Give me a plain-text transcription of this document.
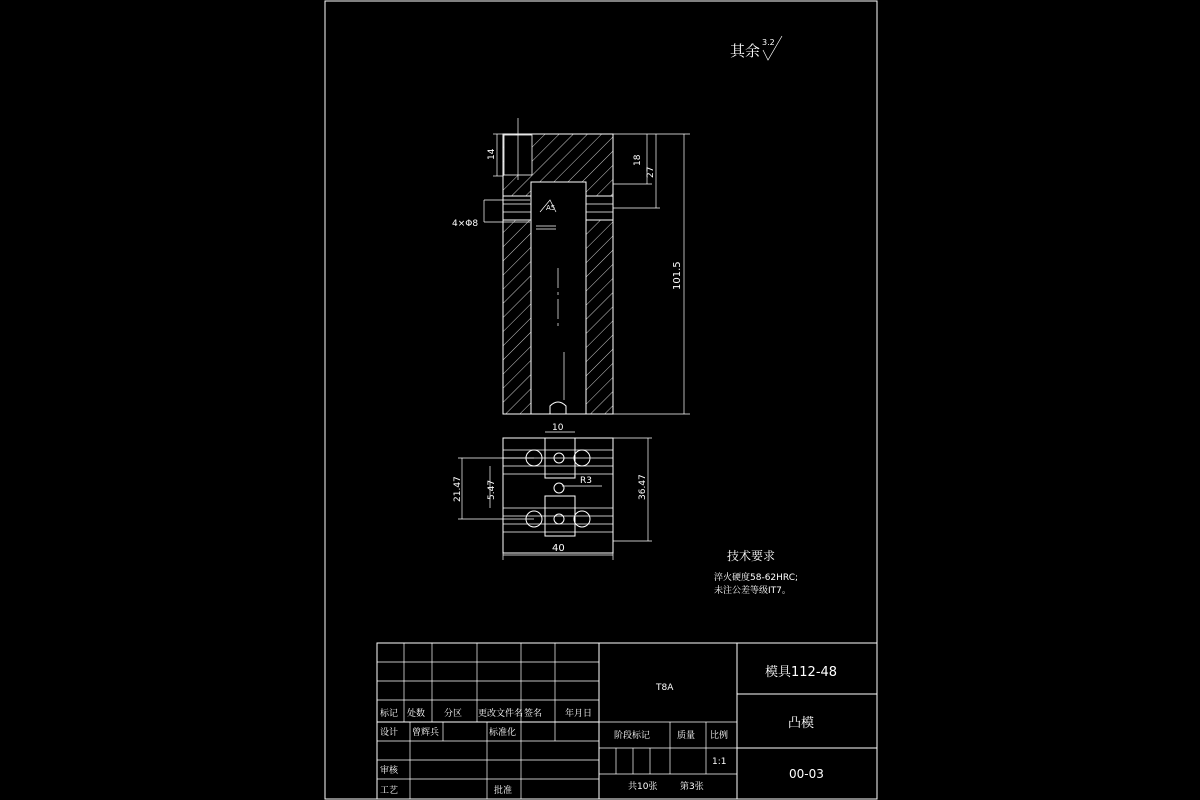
其余 3.2
14
18
27
101.5
4×Φ8
A5
10
40
21.47	5.47	36.47
R3
技术要求
淬火硬度58-62HRC;
未注公差等级IT7。
标记 处数 分区 更改文件名 签名	年月日
设计 曾辉兵	标准化
审核
工艺	批准
T8A
阶段标记	质量 比例
1:1
共10张	第3张
模具112-48
凸模
00-03
